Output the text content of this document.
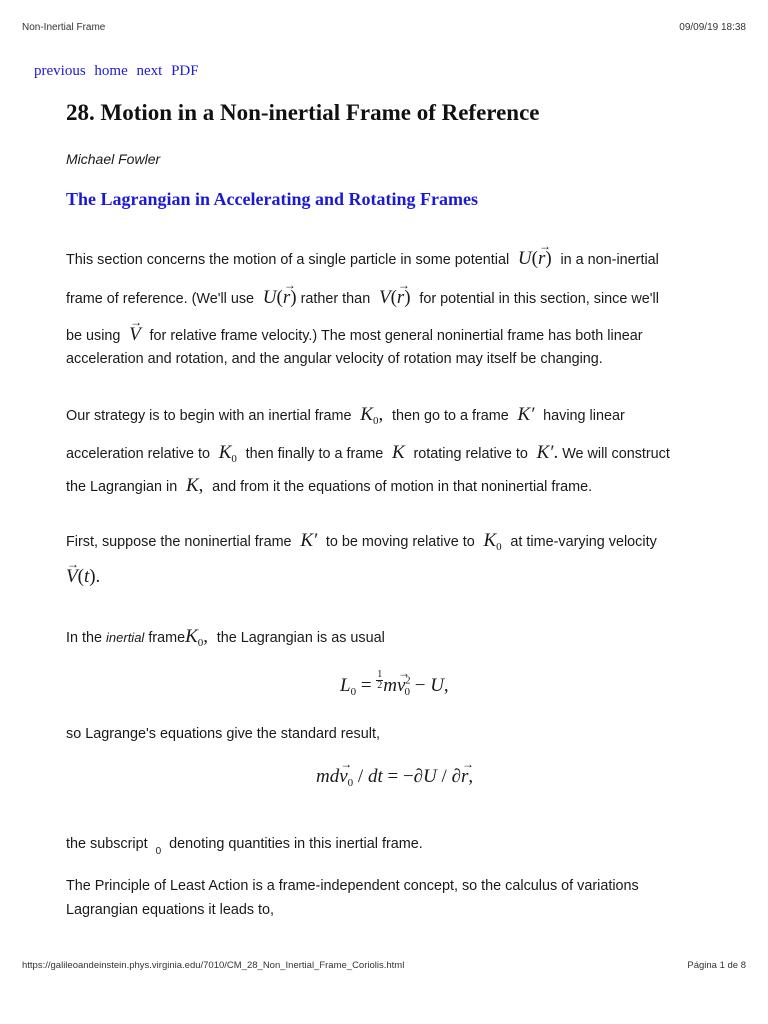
Non-Inertial Frame	09/09/19 18:38
previous home next PDF
28. Motion in a Non-inertial Frame of Reference
Michael Fowler
The Lagrangian in Accelerating and Rotating Frames
This section concerns the motion of a single particle in some potential  U(→ r) in a non-inertial
frame of reference. (We'll use  U(→ r) rather than  V(→ r) for potential in this section, since we'll
be using  → V for relative frame velocity.) The most general noninertial frame has both linear
acceleration and rotation, and the angular velocity of rotation may itself be changing.
Our strategy is to begin with an inertial frame  $K_0$, then go to a frame  K′  having linear
acceleration relative to  $K_0$ then finally to a frame  K  rotating relative to  K′. We will construct
the Lagrangian in  K, and from it the equations of motion in that noninertial frame.
First, suppose the noninertial frame  K′  to be moving relative to  $K_0$ at time-varying velocity
→ V(t).
In the inertial frameK$_0$, the Lagrangian is as usual
$L_0 = \frac{1}{2} m\to v^2_0 - U$,
so Lagrange's equations give the standard result,
$md\to v_0$ / dt = −∂U / ∂→ r,
the subscript $_0$ denoting quantities in this inertial frame.
The Principle of Least Action is a frame-independent concept, so the calculus of variations
Lagrangian equations it leads to,
https://galileoandeinstein.phys.virginia.edu/7010/CM_28_Non_Inertial_Frame_Coriolis.html	Página 1 de 8
